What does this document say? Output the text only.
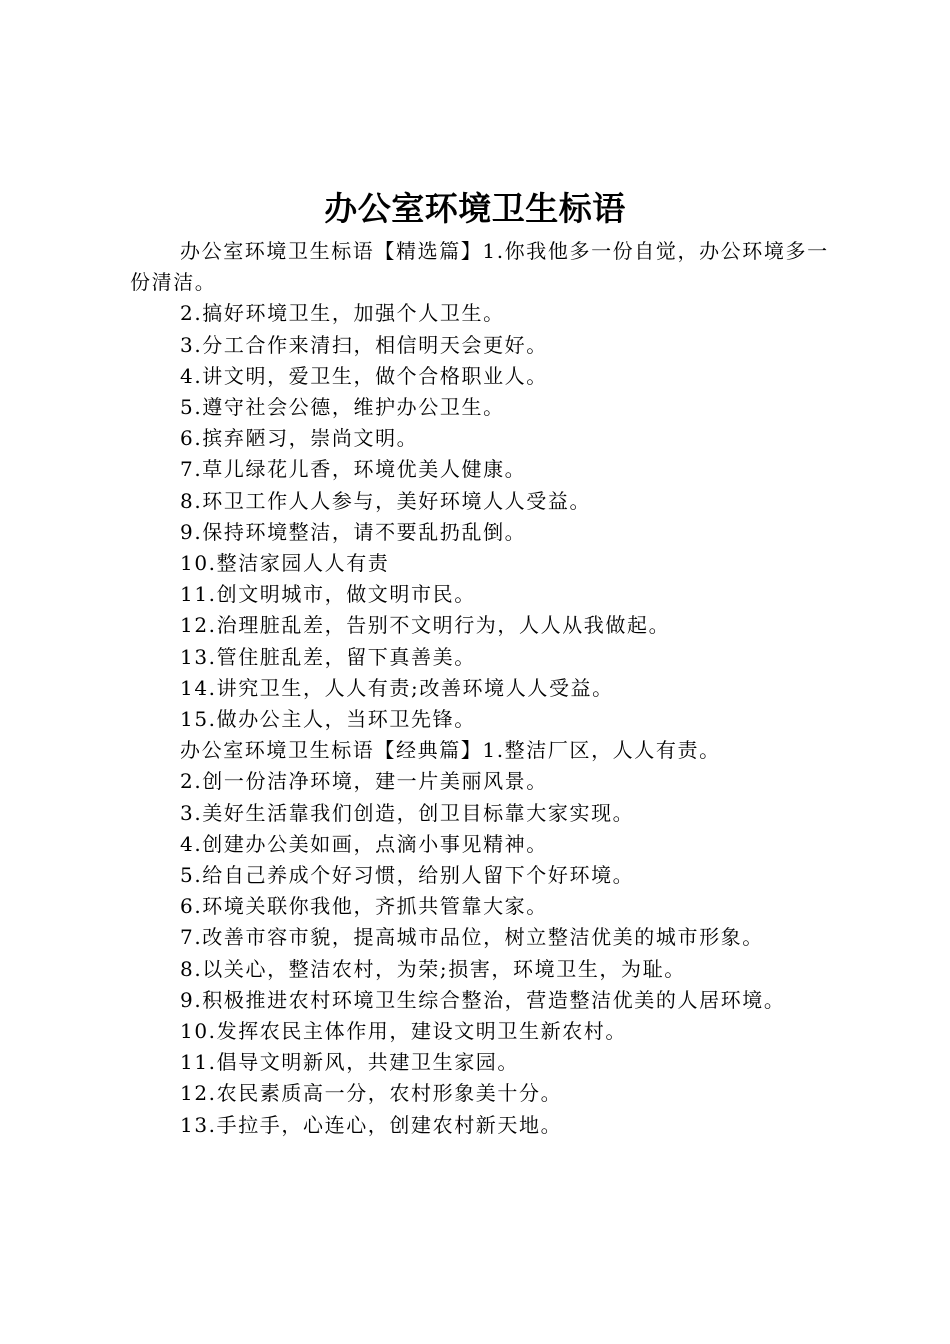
办公室环境卫生标语

办公室环境卫生标语【精选篇】1.你我他多一份自觉，办公环境多一份清洁。

2.搞好环境卫生，加强个人卫生。

3.分工合作来清扫，相信明天会更好。

4.讲文明，爱卫生，做个合格职业人。

5.遵守社会公德，维护办公卫生。

6.摈弃陋习，崇尚文明。

7.草儿绿花儿香，环境优美人健康。

8.环卫工作人人参与，美好环境人人受益。

9.保持环境整洁，请不要乱扔乱倒。

10.整洁家园人人有责

11.创文明城市，做文明市民。

12.治理脏乱差，告别不文明行为，人人从我做起。

13.管住脏乱差，留下真善美。

14.讲究卫生，人人有责;改善环境人人受益。

15.做办公主人，当环卫先锋。

办公室环境卫生标语【经典篇】1.整洁厂区，人人有责。

2.创一份洁净环境，建一片美丽风景。

3.美好生活靠我们创造，创卫目标靠大家实现。

4.创建办公美如画，点滴小事见精神。

5.给自己养成个好习惯，给别人留下个好环境。

6.环境关联你我他，齐抓共管靠大家。

7.改善市容市貌，提高城市品位，树立整洁优美的城市形象。

8.以关心，整洁农村，为荣;损害，环境卫生，为耻。

9.积极推进农村环境卫生综合整治，营造整洁优美的人居环境。

10.发挥农民主体作用，建设文明卫生新农村。

11.倡导文明新风，共建卫生家园。

12.农民素质高一分，农村形象美十分。

13.手拉手，心连心，创建农村新天地。
